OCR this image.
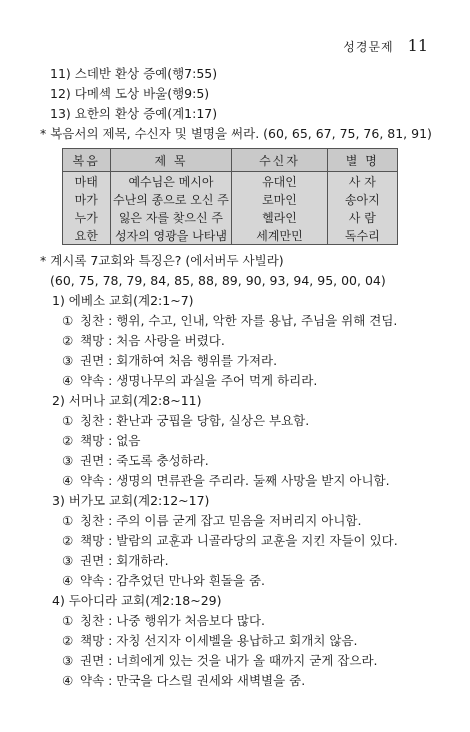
성경문제 11
11) 스데반 환상 증예(행7:55)
12) 다메섹 도상 바울(행9:5)
13) 요한의 환상 증예(계1:17)
* 복음서의 제목, 수신자 및 별명을 써라. (60, 65, 67, 75, 76, 81, 91)
복음	제 목	수신자	별 명
마태	예수님은 메시아	유대인	사 자
마가	수난의 종으로 오신 주	로마인	송아지
누가	잃은 자를 찾으신 주	헬라인	사 람
요한	성자의 영광을 나타냄	세계만민	독수리
* 계시록 7교회와 특징은? (에서버두 사빌라)
(60, 75, 78, 79, 84, 85, 88, 89, 90, 93, 94, 95, 00, 04)
1) 에베소 교회(계2:1~7)
① 칭찬 : 행위, 수고, 인내, 악한 자를 용납, 주님을 위해 견딤.
② 책망 : 처음 사랑을 버렸다.
③ 권면 : 회개하여 처음 행위를 가져라.
④ 약속 : 생명나무의 과실을 주어 먹게 하리라.
2) 서머나 교회(계2:8~11)
① 칭찬 : 환난과 궁핍을 당함, 실상은 부요함.
② 책망 : 없음
③ 권면 : 죽도록 충성하라.
④ 약속 : 생명의 면류관을 주리라. 둘째 사망을 받지 아니함.
3) 버가모 교회(계2:12~17)
① 칭찬 : 주의 이름 굳게 잡고 믿음을 저버리지 아니함.
② 책망 : 발람의 교훈과 니골라당의 교훈을 지킨 자들이 있다.
③ 권면 : 회개하라.
④ 약속 : 감추었던 만나와 흰돌을 줌.
4) 두아디라 교회(계2:18~29)
① 칭찬 : 나중 행위가 처음보다 많다.
② 책망 : 자칭 선지자 이세벨을 용납하고 회개치 않음.
③ 권면 : 너희에게 있는 것을 내가 올 때까지 굳게 잡으라.
④ 약속 : 만국을 다스릴 권세와 새벽별을 줌.
